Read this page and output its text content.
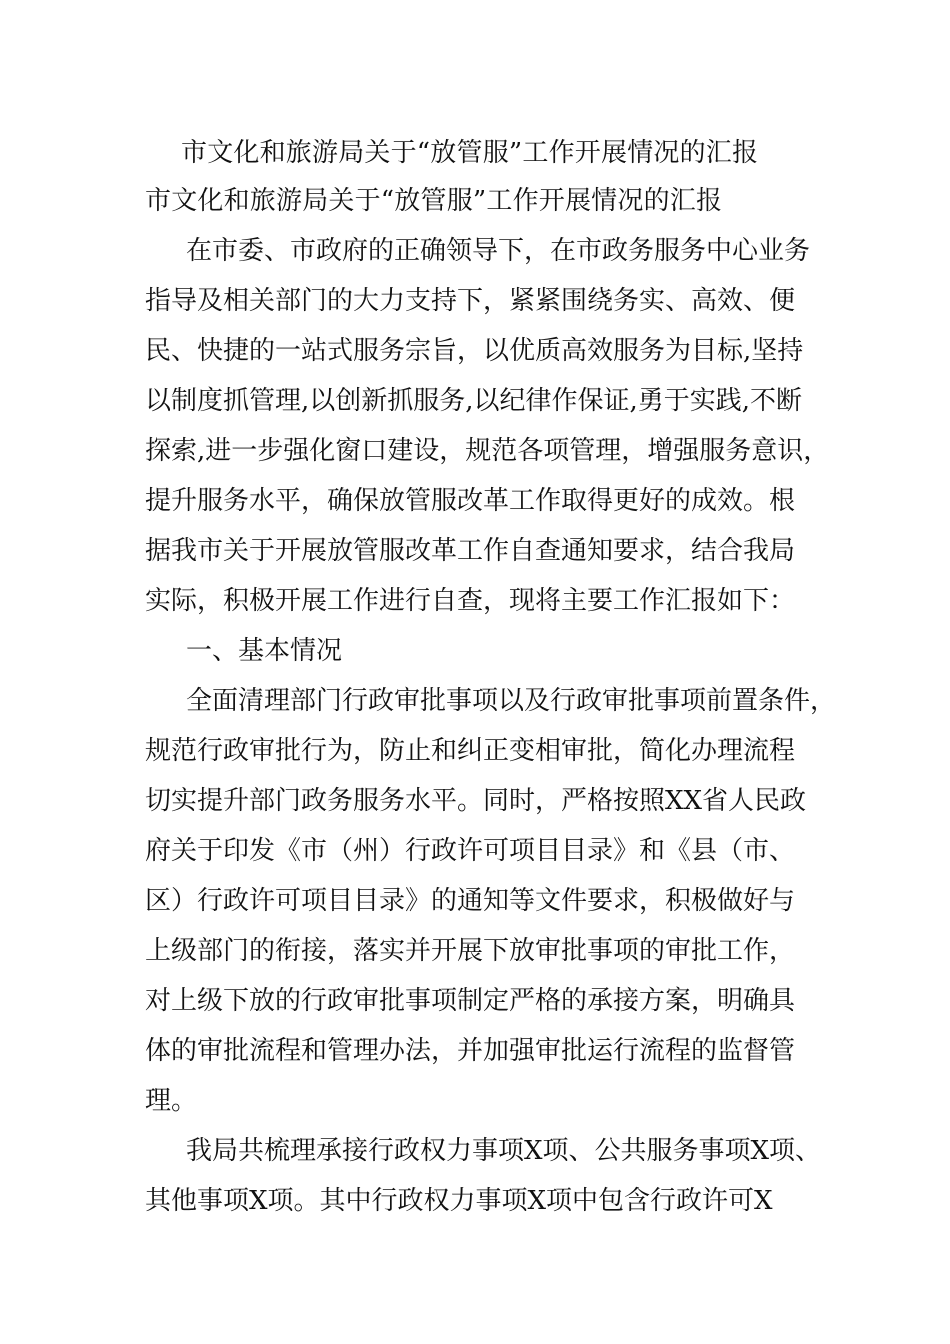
市文化和旅游局关于“放管服”工作开展情况的汇报
市文化和旅游局关于“放管服”工作开展情况的汇报
在市委、市政府的正确领导下，在市政务服务中心业务
指导及相关部门的大力支持下，紧紧围绕务实、高效、便
民、快捷的一站式服务宗旨，以优质高效服务为目标,坚持
以制度抓管理,以创新抓服务,以纪律作保证,勇于实践,不断
探索,进一步强化窗口建设，规范各项管理，增强服务意识，
提升服务水平，确保放管服改革工作取得更好的成效。根
据我市关于开展放管服改革工作自查通知要求，结合我局
实际，积极开展工作进行自查，现将主要工作汇报如下：
一、基本情况
全面清理部门行政审批事项以及行政审批事项前置条件，
规范行政审批行为，防止和纠正变相审批，简化办理流程
切实提升部门政务服务水平。同时，严格按照XX省人民政
府关于印发《市（州）行政许可项目目录》和《县（市、
区）行政许可项目目录》的通知等文件要求，积极做好与
上级部门的衔接，落实并开展下放审批事项的审批工作，
对上级下放的行政审批事项制定严格的承接方案，明确具
体的审批流程和管理办法，并加强审批运行流程的监督管
理。
我局共梳理承接行政权力事项X项、公共服务事项X项、
其他事项X项。其中行政权力事项X项中包含行政许可X
